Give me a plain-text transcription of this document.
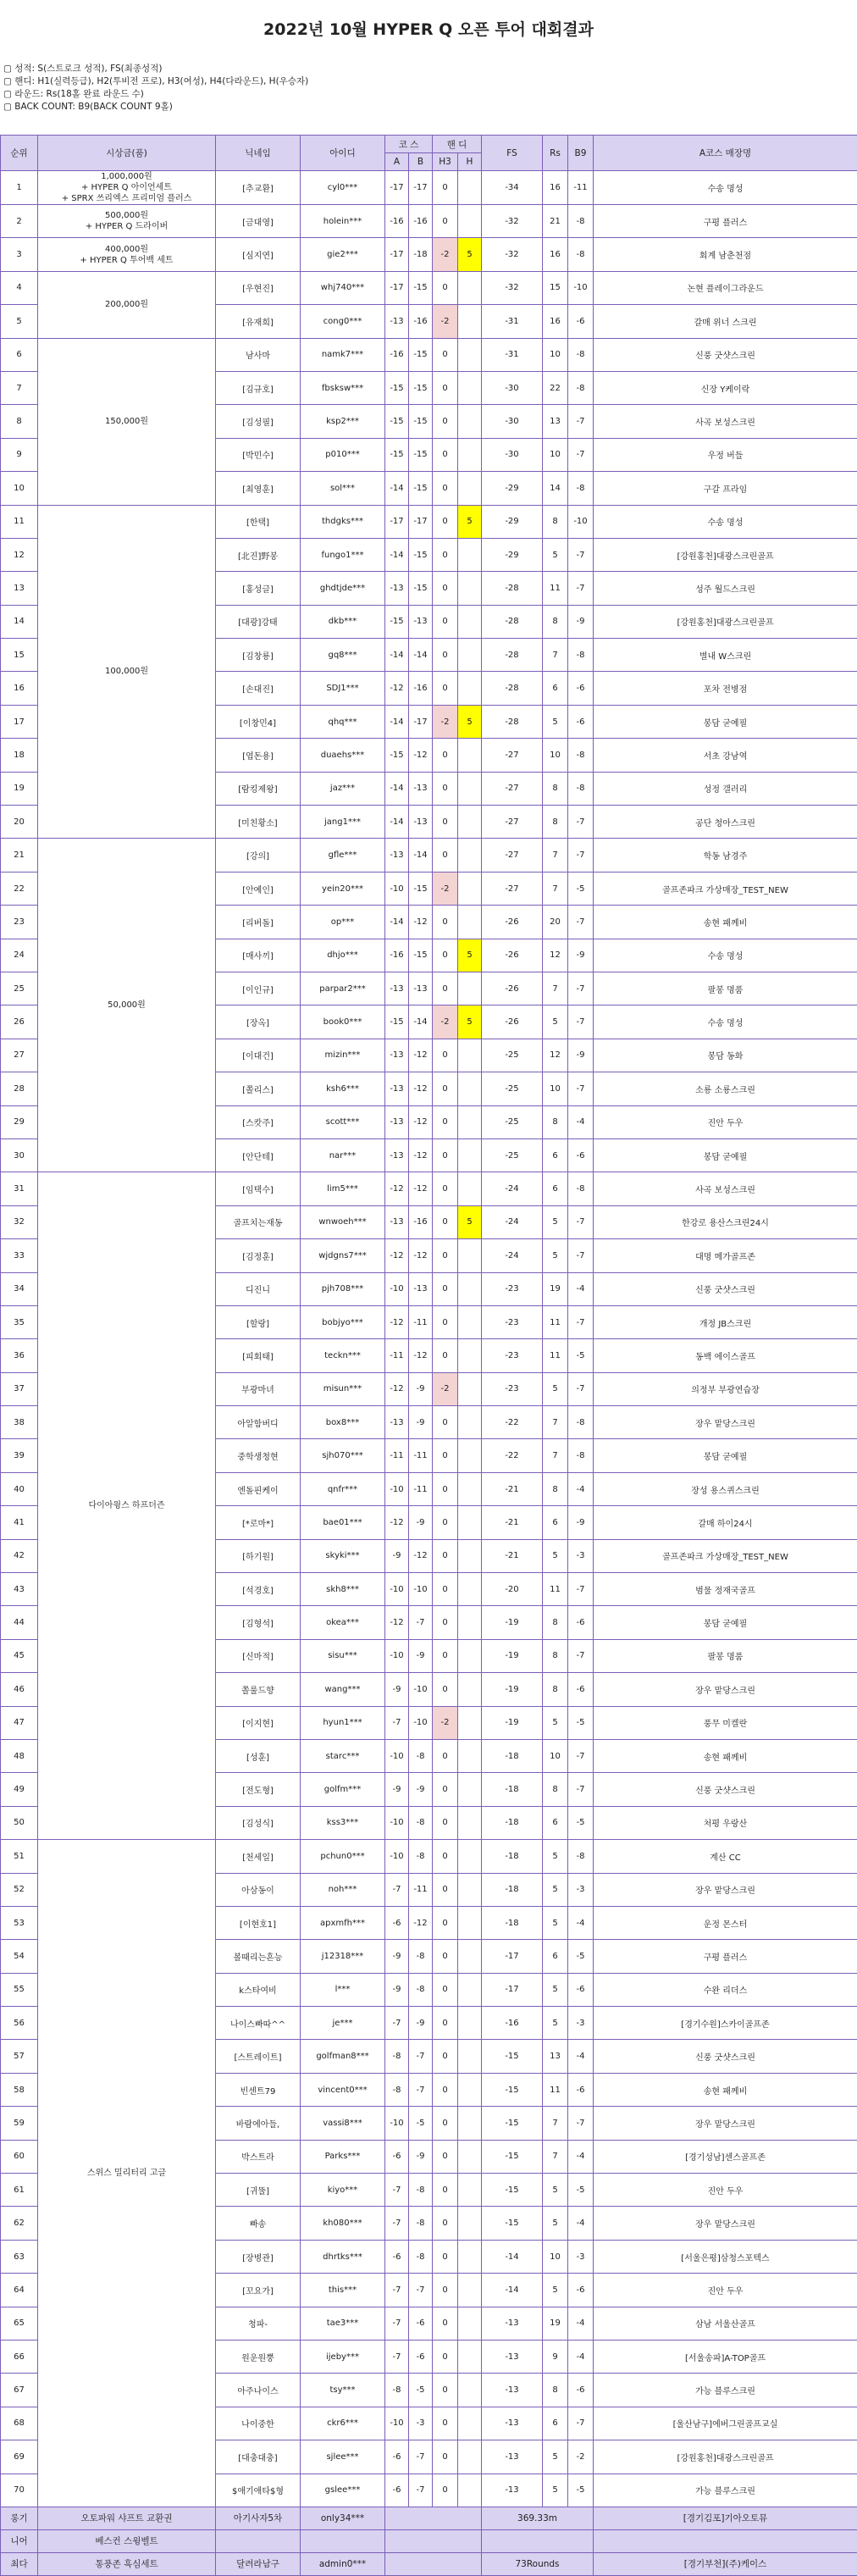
2022년 10월 HYPER Q 오픈 투어 대회결과
▢ 성적: S(스트로크 성적), FS(최종성적)
▢ 핸디: H1(실력등급), H2(투비전 프로), H3(여성), H4(다라운드), H(우승자)
▢ 라운드: Rs(18홀 완료 라운드 수)
▢ BACK COUNT: B9(BACK COUNT 9홀)
순위	시상금(품)	닉네임	아이디	코 스		핸 디		FS	Rs	B9	A코스 매장명
				A	B	H3	H				
1	1,000,000원
+ HYPER Q 아이언세트
+ SPRX 쓰리엑스 프리미엄 플러스	[추교환]	cyl0***	-17	-17	0		-34	16	-11	수송 명성
2	500,000원
+ HYPER Q 드라이버	[금대영]	holein***	-16	-16	0		-32	21	-8	구평 플러스
3	400,000원
+ HYPER Q 투어백 세트	[심지연]	gie2***	-17	-18	-2	5	-32	16	-8	회계 남춘천점
4	200,000원	[우현진]	whj740***	-17	-15	0		-32	15	-10	논현 플레이그라운드
5		[유재희]	cong0***	-13	-16	-2		-31	16	-6	갈매 위너 스크린
6	150,000원	남사마	namk7***	-16	-15	0		-31	10	-8	신풍 굿샷스크린
7		[김규호]	fbsksw***	-15	-15	0		-30	22	-8	신장 Y케이락
8		[김성필]	ksp2***	-15	-15	0		-30	13	-7	사곡 보성스크린
9		[박민수]	p010***	-15	-15	0		-30	10	-7	우정 버들
10		[최영훈]	sol***	-14	-15	0		-29	14	-8	구갈 프라임
11	100,000원	[한택]	thdgks***	-17	-17	0	5	-29	8	-10	수송 명성
12		[北진]野봉	fungo1***	-14	-15	0		-29	5	-7	[강원홍천]대광스크린골프
13		[홍성글]	ghdtjde***	-13	-15	0		-28	11	-7	성주 월드스크린
14		[대광]강태	dkb***	-15	-13	0		-28	8	-9	[강원홍천]대광스크린골프
15		[김창룡]	gq8***	-14	-14	0		-28	7	-8	별내 W스크린
16		[손대진]	SDJ1***	-12	-16	0		-28	6	-6	포차 전병점
17		[이창민4]	qhq***	-14	-17	-2	5	-28	5	-6	봉담 굳예필
18		[엽돈용]	duaehs***	-15	-12	0		-27	10	-8	서초 강남역
19		[람킹제왕]	jaz***	-14	-13	0		-27	8	-8	성정 갤러리
20		[미친황소]	jang1***	-14	-13	0		-27	8	-7	공단 청아스크린
21	50,000원	[강의]	gfle***	-13	-14	0		-27	7	-7	학동 남경주
22		[안예인]	yein20***	-10	-15	-2		-27	7	-5	골프존파크 가상매장_TEST_NEW
23		[리버돌]	op***	-14	-12	0		-26	20	-7	송현 패께비
24		[매사끼]	dhjo***	-16	-15	0	5	-26	12	-9	수송 명성
25		[이인규]	parpar2***	-13	-13	0		-26	7	-7	팔봉 명품
26		[장옥]	book0***	-15	-14	-2	5	-26	5	-7	수송 명성
27		[이대건]	mizin***	-13	-12	0		-25	12	-9	봉담 동화
28		[쫄리스]	ksh6***	-13	-12	0		-25	10	-7	소룡 소룡스크린
29		[스캇주]	scott***	-13	-12	0		-25	8	-4	진안 두우
30		[안단테]	nar***	-13	-12	0		-25	6	-6	봉담 굳예필
31	다이아윙스 하프더즌	[임택수]	lim5***	-12	-12	0		-24	6	-8	사곡 보성스크린
32		골프치는재동	wnwoeh***	-13	-16	0	5	-24	5	-7	한강로 용산스크린24시
33		[김정훈]	wjdgns7***	-12	-12	0		-24	5	-7	대명 메가골프존
34		디진니	pjh708***	-10	-13	0		-23	19	-4	신풍 굿샷스크린
35		[할랑]	bobjyo***	-12	-11	0		-23	11	-7	개정 JB스크린
36		[피회태]	teckn***	-11	-12	0		-23	11	-5	동백 에이스골프
37		부광마녀	misun***	-12	-9	-2		-23	5	-7	의정부 부광연습장
38		아알함버디	box8***	-13	-9	0		-22	7	-8	장우 맡당스크린
39		중학생청현	sjh070***	-11	-11	0		-22	7	-8	봉담 굳예필
40		엔돌핀케이	qnfr***	-10	-11	0		-21	8	-4	장성 용스퀴스크린
41		[*로마*]	bae01***	-12	-9	0		-21	6	-9	갈매 하이24시
42		[하기원]	skyki***	-9	-12	0		-21	5	-3	골프존파크 가상매장_TEST_NEW
43		[석경호]	skh8***	-10	-10	0		-20	11	-7	범물 정재국골프
44		[김형석]	okea***	-12	-7	0		-19	8	-6	봉담 굳예필
45		[신마적]	sisu***	-10	-9	0		-19	8	-7	팔봉 명품
46		쫄룰드향	wang***	-9	-10	0		-19	8	-6	장우 맡당스크린
47		[이지현]	hyun1***	-7	-10	-2		-19	5	-5	풍무 미켈란
48		[성훈]	starc***	-10	-8	0		-18	10	-7	송현 패께비
49		[전도형]	golfm***	-9	-9	0		-18	8	-7	신풍 굿샷스크린
50		[김성식]	kss3***	-10	-8	0		-18	6	-5	처평 우랑산
51	스위스 밀리터리 고글	[천세일]	pchun0***	-10	-8	0		-18	5	-8	계산 CC
52		아삼동이	noh***	-7	-11	0		-18	5	-3	장우 맡당스크린
53		[이현호1]	apxmfh***	-6	-12	0		-18	5	-4	운정 몬스터
54		볼때리는흔능	j12318***	-9	-8	0		-17	6	-5	구평 플러스
55		k스타여비	l***	-9	-8	0		-17	5	-6	수완 리더스
56		나이스빠따^^	je***	-7	-9	0		-16	5	-3	[경기수원]스카이골프존
57		[스트레이트]	golfman8***	-8	-7	0		-15	13	-4	신풍 굿샷스크린
58		빈센트79	vincent0***	-8	-7	0		-15	11	-6	송현 패께비
59		바람에아들,	vassi8***	-10	-5	0		-15	7	-7	장우 맡당스크린
60		박스트라	Parks***	-6	-9	0		-15	7	-4	[경기성남]센스골프존
61		[귀뚤]	kiyo***	-7	-8	0		-15	5	-5	진안 두우
62		빠송	kh080***	-7	-8	0		-15	5	-4	장우 맡당스크린
63		[장병관]	dhrtks***	-6	-8	0		-14	10	-3	[서울은평]삼청스포텍스
64		[꼬요가]	this***	-7	-7	0		-14	5	-6	진안 두우
65		청파-	tae3***	-7	-6	0		-13	19	-4	삼남 서울산골프
66		원운원뿡	ijeby***	-7	-6	0		-13	9	-4	[서울송파]A-TOP골프
67		아주나이스	tsy***	-8	-5	0		-13	8	-6	가능 블루스크린
68		나이중한	ckr6***	-10	-3	0		-13	6	-7	[울산남구]에버그린골프교실
69		[대충대충]	sjlee***	-6	-7	0		-13	5	-2	[강원홍천]대광스크린골프
70		$애기애타$형	gslee***	-6	-7	0		-13	5	-5	가능 블루스크린
롱기	오토파워 샤프트 교환권	아기사자5차	only34***					369.33m			[경기김포]기아오토뮤
니어	베스컨 스윙벨트										
최다	통풍존 흑심세트	달려라남구	admin0***					73Rounds			[경기부천](주)케이스
